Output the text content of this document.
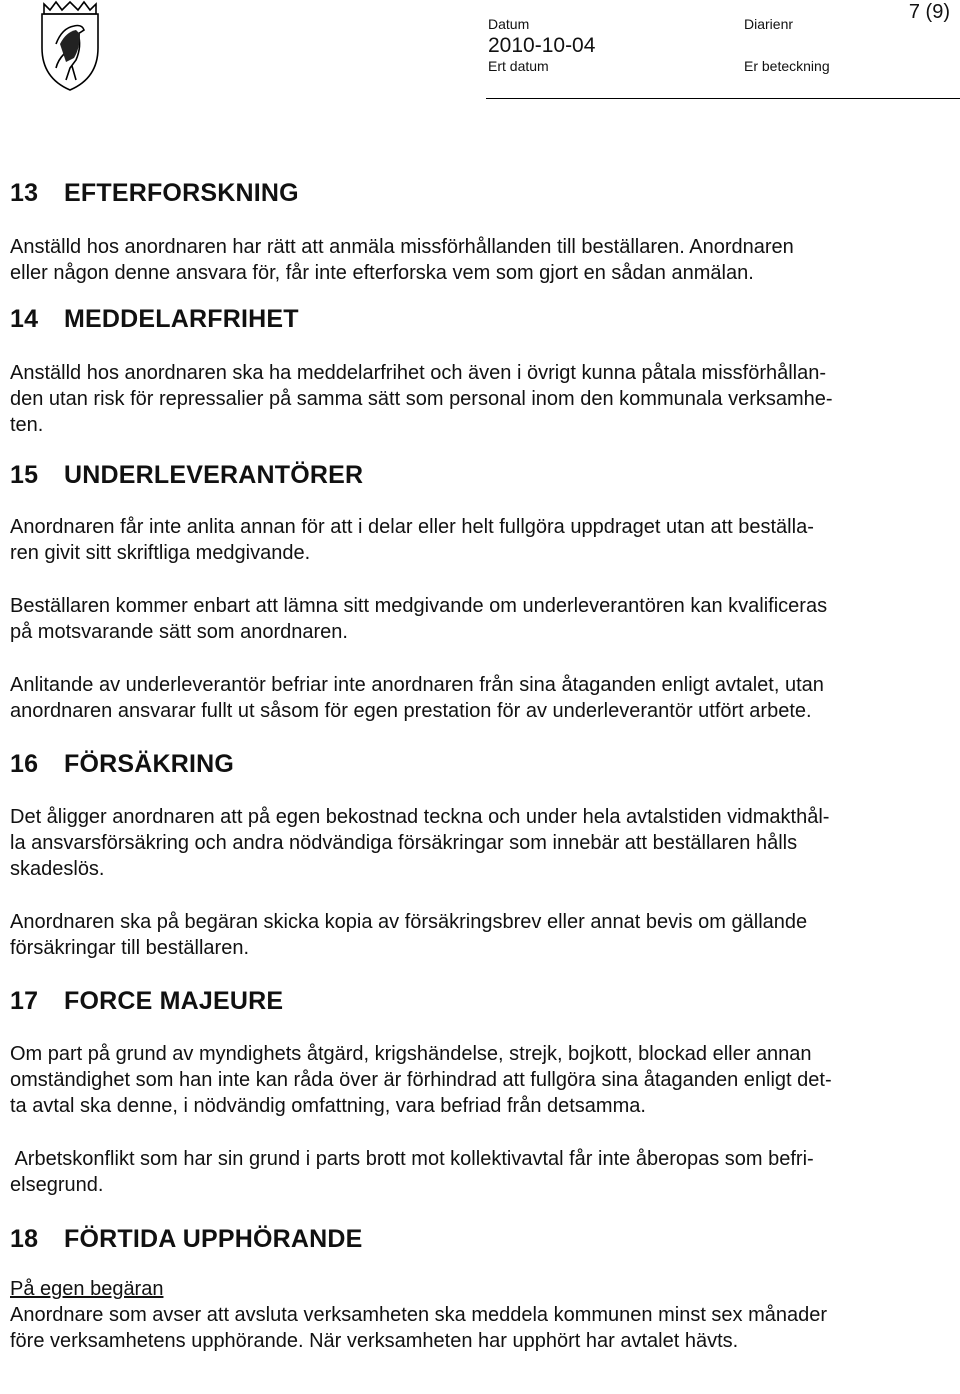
Datum
2010-10-04
Ert datum
Diarienr
Er beteckning
7 (9)
13 EFTERFORSKNING

Anställd hos anordnaren har rätt att anmäla missförhållanden till beställaren. Anordnaren
eller någon denne ansvara för, får inte efterforska vem som gjort en sådan anmälan.

14 MEDDELARFRIHET

Anställd hos anordnaren ska ha meddelarfrihet och även i övrigt kunna påtala missförhållan-
den utan risk för repressalier på samma sätt som personal inom den kommunala verksamhe-
ten.

15 UNDERLEVERANTÖRER

Anordnaren får inte anlita annan för att i delar eller helt fullgöra uppdraget utan att beställa-
ren givit sitt skriftliga medgivande.

Beställaren kommer enbart att lämna sitt medgivande om underleverantören kan kvalificeras
på motsvarande sätt som anordnaren.

Anlitande av underleverantör befriar inte anordnaren från sina åtaganden enligt avtalet, utan
anordnaren ansvarar fullt ut såsom för egen prestation för av underleverantör utfört arbete.

16 FÖRSÄKRING

Det åligger anordnaren att på egen bekostnad teckna och under hela avtalstiden vidmakthål-
la ansvarsförsäkring och andra nödvändiga försäkringar som innebär att beställaren hålls
skadeslös.

Anordnaren ska på begäran skicka kopia av försäkringsbrev eller annat bevis om gällande
försäkringar till beställaren.

17 FORCE MAJEURE

Om part på grund av myndighets åtgärd, krigshändelse, strejk, bojkott, blockad eller annan
omständighet som han inte kan råda över är förhindrad att fullgöra sina åtaganden enligt det-
ta avtal ska denne, i nödvändig omfattning, vara befriad från detsamma.

Arbetskonflikt som har sin grund i parts brott mot kollektivavtal får inte åberopas som befri-
elsegrund.

18 FÖRTIDA UPPHÖRANDE

På egen begäran

Anordnare som avser att avsluta verksamheten ska meddela kommunen minst sex månader
före verksamhetens upphörande. När verksamheten har upphört har avtalet hävts.
